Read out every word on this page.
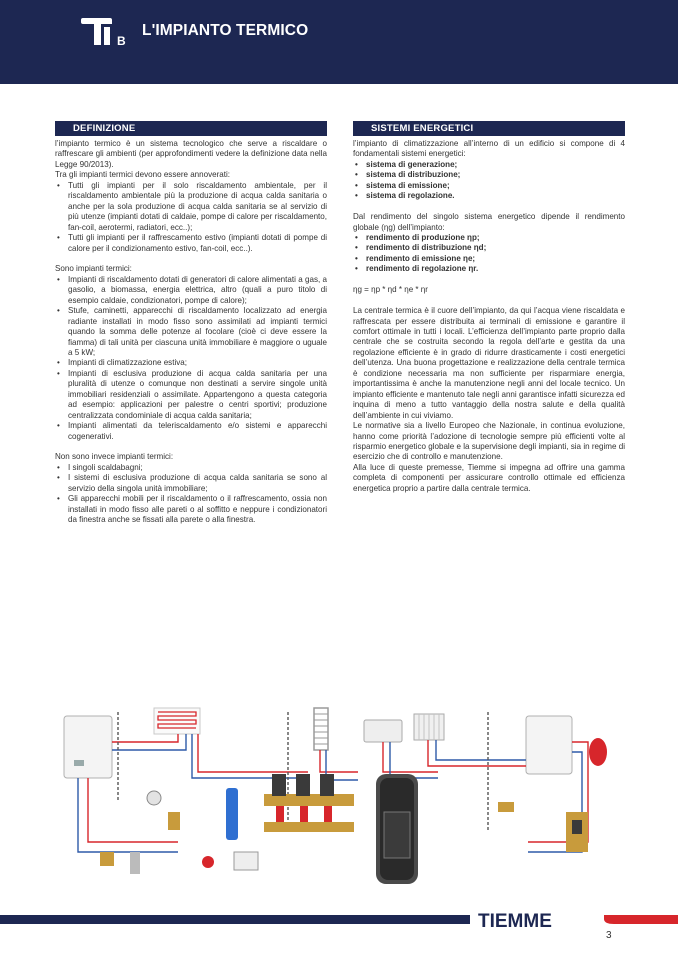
B
L'IMPIANTO TERMICO
DEFINIZIONE

l’impianto termico è un sistema tecnologico che serve a riscaldare o raffrescare gli ambienti (per approfondimenti vedere la definizione data nella Legge 90/2013).

Tra gli impianti termici devono essere annoverati:

• Tutti gli impianti per il solo riscaldamento ambientale, per il riscaldamento ambientale più la produzione di acqua calda sanitaria o anche per la sola produzione di acqua calda sanitaria se al servizio di più utenze (impianti dotati di caldaie, pompe di calore per riscaldamento, fan-coil, aerotermi, radiatori, ecc..);
• Tutti gli impianti per il raffrescamento estivo (impianti dotati di pompe di calore per il condizionamento estivo, fan-coil, ecc..).

Sono impianti termici:

• Impianti di riscaldamento dotati di generatori di calore alimentati a gas, a gasolio, a biomassa, energia elettrica, altro (quali a puro titolo di esempio caldaie, condizionatori, pompe di calore);
• Stufe, caminetti, apparecchi di riscaldamento localizzato ad energia radiante installati in modo fisso sono assimilati ad impianti termici quando la somma delle potenze al focolare (cioè ci deve essere la fiamma) di tali unità per ciascuna unità immobiliare è maggiore o uguale a 5 kW;
• Impianti di climatizzazione estiva;
• Impianti di esclusiva produzione di acqua calda sanitaria per una pluralità di utenze o comunque non destinati a servire singole unità immobiliari residenziali o assimilate. Appartengono a questa categoria ad esempio: applicazioni per palestre o centri sportivi; produzione centralizzata condominiale di acqua calda sanitaria;
• Impianti alimentati da teleriscaldamento e/o sistemi e apparecchi cogenerativi.

Non sono invece impianti termici:

• I singoli scaldabagni;
• I sistemi di esclusiva produzione di acqua calda sanitaria se sono al servizio della singola unità immobiliare;
• Gli apparecchi mobili per il riscaldamento o il raffrescamento, ossia non installati in modo fisso alle pareti o al soffitto e neppure i condizionatori da finestra anche se fissati alla parete o alla finestra.
SISTEMI ENERGETICI

l’impianto di climatizzazione all’interno di un edificio si compone di 4 fondamentali sistemi energetici:

• sistema di generazione;
• sistema di distribuzione;
• sistema di emissione;
• sistema di regolazione.

Dal rendimento del singolo sistema energetico dipende il rendimento globale (ηg) dell’impianto:

• rendimento di produzione ηp;
• rendimento di distribuzione ηd;
• rendimento di emissione ηe;
• rendimento di regolazione ηr.

ηg = ηp * ηd * ηe * ηr

La centrale termica è il cuore dell’impianto, da qui l’acqua viene riscaldata e raffrescata per essere distribuita ai terminali di emissione e garantire il comfort ottimale in tutti i locali. L’efficienza dell’impianto parte proprio dalla centrale che se costruita secondo la regola dell’arte e gestita da una regolazione efficiente è in grado di ridurre drasticamente i costi energetici dell’utenza. Una buona progettazione e realizzazione della centrale termica è condizione necessaria ma non sufficiente per risparmiare energia, importantissima è anche la manutenzione negli anni del locale tecnico. Un impianto efficiente e mantenuto tale negli anni garantisce infatti sicurezza ed inquina di meno a tutto vantaggio della nostra salute e della qualità dell’ambiente in cui viviamo.

Le normative sia a livello Europeo che Nazionale, in continua evoluzione, hanno come priorità l’adozione di tecnologie sempre più efficienti volte al risparmio energetico globale e la supervisione degli impianti, sia in regime di esercizio che di controllo e manutenzione.

Alla luce di queste premesse, Tiemme si impegna ad offrire una gamma completa di componenti per assicurare controllo ottimale ed efficienza energetica proprio a partire dalla centrale termica.

TIEMME
3
